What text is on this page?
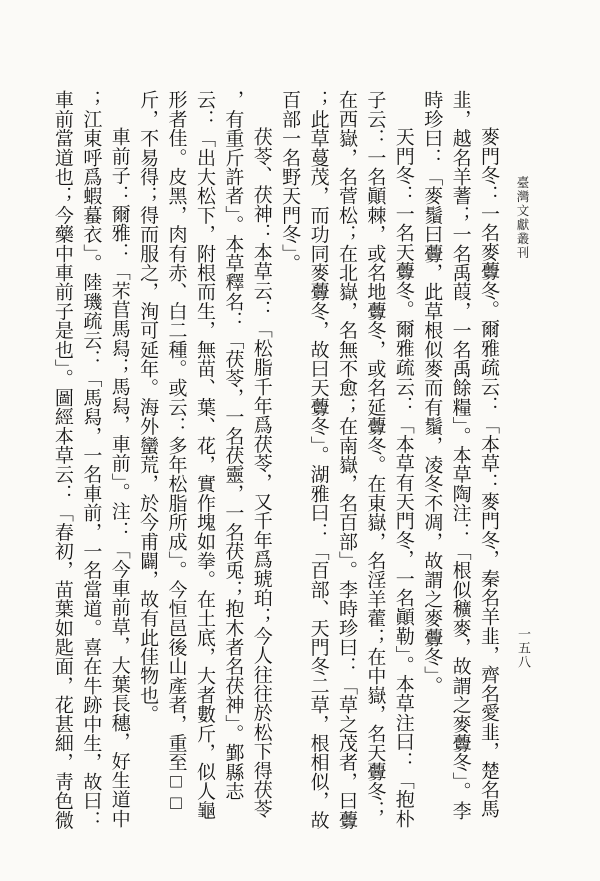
臺灣文獻叢刊
一五八
麥門冬：一名麥虋冬。爾雅疏云：「本草：麥門冬，秦名羊韭，齊名愛韭，楚名馬
韭，越名羊蓍；一名禹葭，一名禹餘糧」。本草陶注：「根似穬麥，故謂之麥虋冬」。李
時珍曰：「麥鬚曰虋，此草根似麥而有鬚，凌冬不凋，故謂之麥虋冬」。
天門冬：一名天虋冬。爾雅疏云：「本草有天門冬，一名顚勒」。本草注曰：「抱朴
子云：一名顚棘，或名地虋冬，或名延虋冬。在東嶽，名淫羊藿；在中嶽，名天虋冬；
在西嶽，名菅松；在北嶽，名無不愈；在南嶽，名百部」。李時珍曰：「草之茂者，曰虋
；此草蔓茂，而功同麥虋冬，故曰天虋冬」。湖雅曰：「百部、天門冬二草，根相似，故
百部一名野天門冬」。
茯苓、茯神：本草云：「松脂千年爲茯苓，又千年爲琥珀；今人往往於松下得茯苓
，有重斤許者」。本草釋名：「茯苓，一名茯靈，一名茯兎；抱木者名茯神」。鄞縣志
云：「出大松下，附根而生，無苗、葉、花，實作塊如拳。在土底，大者數斤，似人龜
形者佳。皮黑，肉有赤、白二種。或云：多年松脂所成」。今恒邑後山產者，重至□□
斤，不易得；得而服之，洵可延年。海外蠻荒，於今甫闢，故有此佳物也。
車前子：爾雅：「芣苢馬舄；馬舄，車前」。注：「今車前草，大葉長穗，好生道中
；江東呼爲蝦蟇衣」。陸璣疏云：「馬舄，一名車前，一名當道。喜在牛跡中生，故曰：
車前當道也；今藥中車前子是也」。圖經本草云：「春初，苗葉如匙面，花甚細，靑色微
